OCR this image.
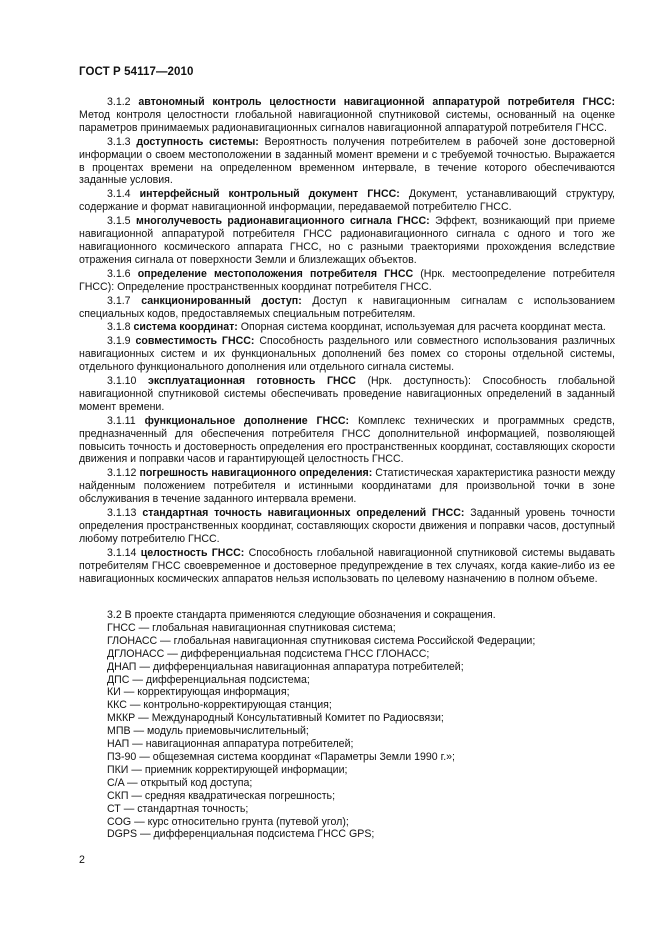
ГОСТ Р 54117—2010

3.1.2 автономный контроль целостности навигационной аппаратурой потребителя ГНСС: Метод контроля целостности глобальной навигационной спутниковой системы, основанный на оценке параметров принимаемых радионавигационных сигналов навигационной аппаратурой потребителя ГНСС.

3.1.3 доступность системы: Вероятность получения потребителем в рабочей зоне достоверной информации о своем местоположении в заданный момент времени и с требуемой точностью. Выражается в процентах времени на определенном временном интервале, в течение которого обеспечиваются заданные условия.

3.1.4 интерфейсный контрольный документ ГНСС: Документ, устанавливающий структуру, содержание и формат навигационной информации, передаваемой потребителю ГНСС.

3.1.5 многолучевость радионавигационного сигнала ГНСС: Эффект, возникающий при приеме навигационной аппаратурой потребителя ГНСС радионавигационного сигнала с одного и того же навигационного космического аппарата ГНСС, но с разными траекториями прохождения вследствие отражения сигнала от поверхности Земли и близлежащих объектов.

3.1.6 определение местоположения потребителя ГНСС (Нрк. местоопределение потребителя ГНСС): Определение пространственных координат потребителя ГНСС.

3.1.7 санкционированный доступ: Доступ к навигационным сигналам с использованием специальных кодов, предоставляемых специальным потребителям.

3.1.8 система координат: Опорная система координат, используемая для расчета координат места.

3.1.9 совместимость ГНСС: Способность раздельного или совместного использования различных навигационных систем и их функциональных дополнений без помех со стороны отдельной системы, отдельного функционального дополнения или отдельного сигнала системы.

3.1.10 эксплуатационная готовность ГНСС (Нрк. доступность): Способность глобальной навигационной спутниковой системы обеспечивать проведение навигационных определений в заданный момент времени.

3.1.11 функциональное дополнение ГНСС: Комплекс технических и программных средств, предназначенный для обеспечения потребителя ГНСС дополнительной информацией, позволяющей повысить точность и достоверность определения его пространственных координат, составляющих скорости движения и поправки часов и гарантирующей целостность ГНСС.

3.1.12 погрешность навигационного определения: Статистическая характеристика разности между найденным положением потребителя и истинными координатами для произвольной точки в зоне обслуживания в течение заданного интервала времени.

3.1.13 стандартная точность навигационных определений ГНСС: Заданный уровень точности определения пространственных координат, составляющих скорости движения и поправки часов, доступный любому потребителю ГНСС.

3.1.14 целостность ГНСС: Способность глобальной навигационной спутниковой системы выдавать потребителям ГНСС своевременное и достоверное предупреждение в тех случаях, когда какие-либо из ее навигационных космических аппаратов нельзя использовать по целевому назначению в полном объеме.

3.2 В проекте стандарта применяются следующие обозначения и сокращения.

ГНСС — глобальная навигационная спутниковая система;

ГЛОНАСС — глобальная навигационная спутниковая система Российской Федерации;

ДГЛОНАСС — дифференциальная подсистема ГНСС ГЛОНАСС;

ДНАП — дифференциальная навигационная аппаратура потребителей;

ДПС — дифференциальная подсистема;

КИ — корректирующая информация;

ККС — контрольно-корректирующая станция;

МККР — Международный Консультативный Комитет по Радиосвязи;

МПВ — модуль приемовычислительный;

НАП — навигационная аппаратура потребителей;

ПЗ-90 — общеземная система координат «Параметры Земли 1990 г.»;

ПКИ — приемник корректирующей информации;

C/A — открытый код доступа;

СКП — средняя квадратическая погрешность;

СТ — стандартная точность;

COG — курс относительно грунта (путевой угол);

DGPS — дифференциальная подсистема ГНСС GPS;

2
